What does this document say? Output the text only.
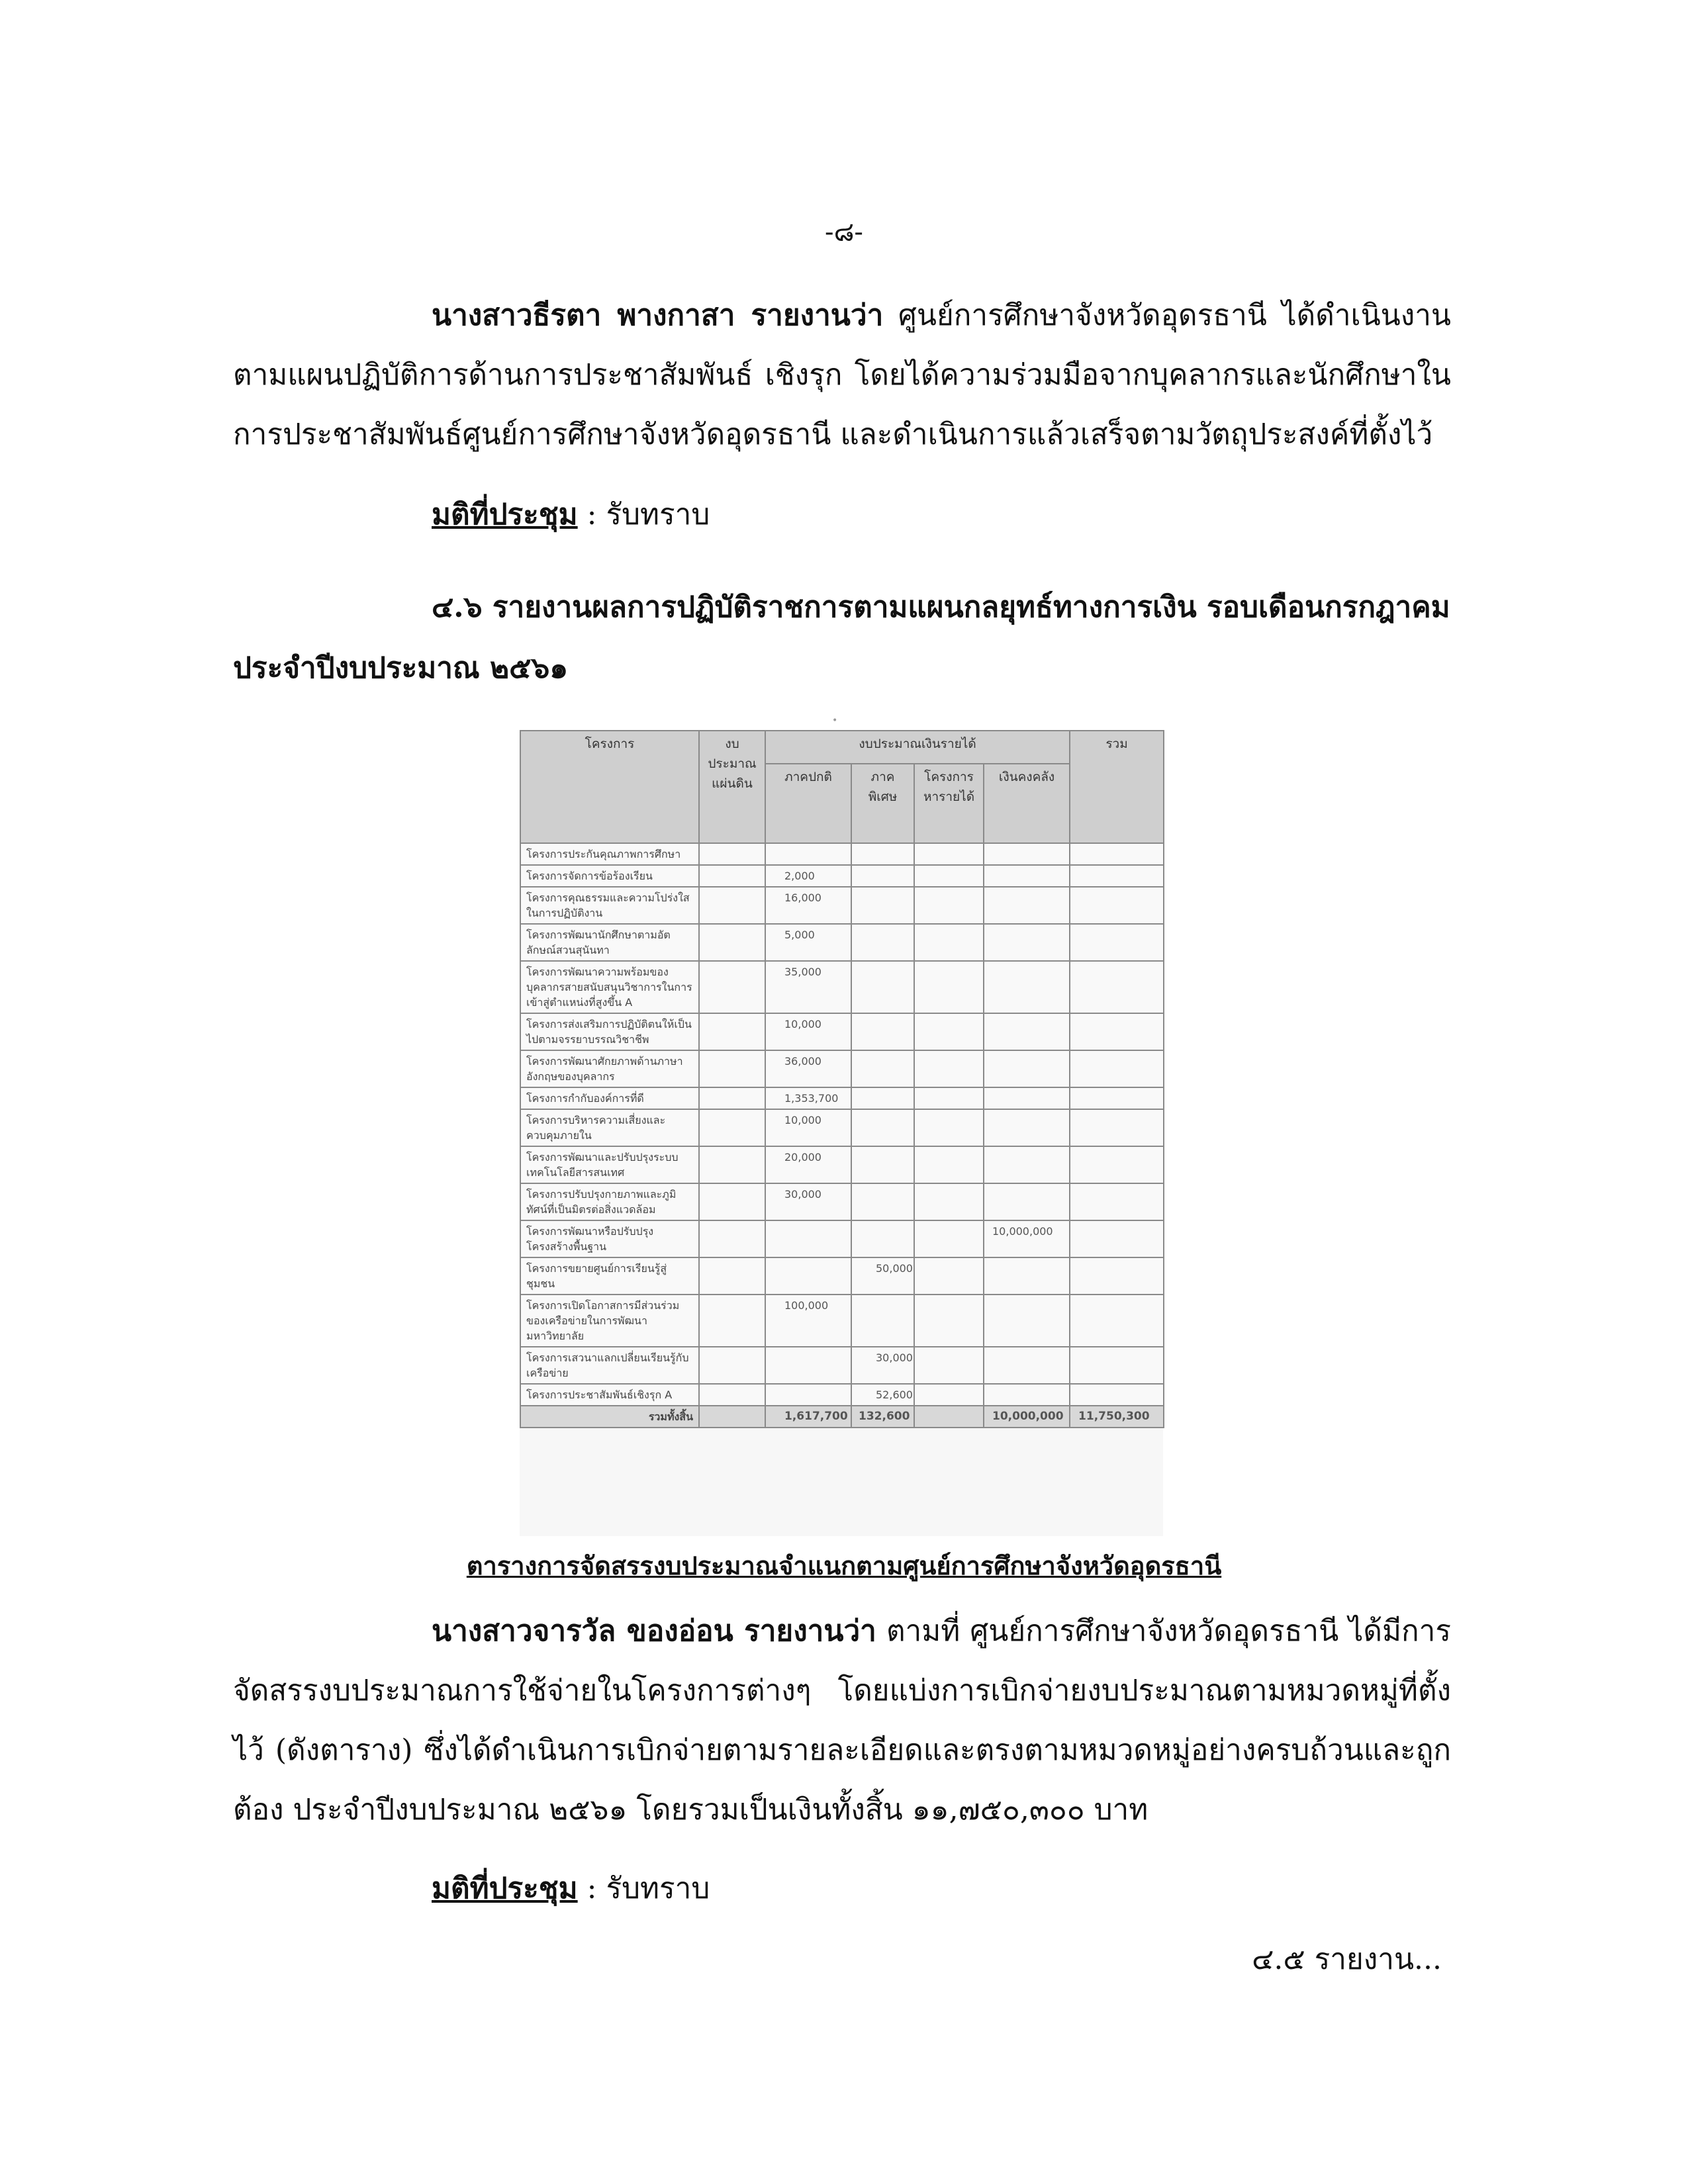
-๘-
นางสาวธีรตา พางกาสา รายงานว่า ศูนย์การศึกษาจังหวัดอุดรธานี ได้ดำเนินงานตามแผนปฏิบัติการด้านการประชาสัมพันธ์ เชิงรุก โดยได้ความร่วมมือจากบุคลากรและนักศึกษาในการประชาสัมพันธ์ศูนย์การศึกษาจังหวัดอุดรธานี และดำเนินการแล้วเสร็จตามวัตถุประสงค์ที่ตั้งไว้
มติที่ประชุม : รับทราบ
๔.๖ รายงานผลการปฏิบัติราชการตามแผนกลยุทธ์ทางการเงิน รอบเดือนกรกฎาคม ประจำปีงบประมาณ ๒๕๖๑
•
โครงการ	งบประมาณแผ่นดิน	งบประมาณเงินรายได้				รวม
		ภาคปกติ	ภาคพิเศษ	โครงการหารายได้	เงินคงคลัง	
โครงการประกันคุณภาพการศึกษา						
โครงการจัดการข้อร้องเรียน		2,000				
โครงการคุณธรรมและความโปร่งใสในการปฏิบัติงาน		16,000				
โครงการพัฒนานักศึกษาตามอัตลักษณ์สวนสุนันทา		5,000				
โครงการพัฒนาความพร้อมของบุคลากรสายสนับสนุนวิชาการในการเข้าสู่ตำแหน่งที่สูงขึ้น A		35,000				
โครงการส่งเสริมการปฏิบัติตนให้เป็นไปตามจรรยาบรรณวิชาชีพ		10,000				
โครงการพัฒนาศักยภาพด้านภาษาอังกฤษของบุคลากร		36,000				
โครงการกำกับองค์การที่ดี		1,353,700				
โครงการบริหารความเสี่ยงและควบคุมภายใน		10,000				
โครงการพัฒนาและปรับปรุงระบบเทคโนโลยีสารสนเทศ		20,000				
โครงการปรับปรุงกายภาพและภูมิทัศน์ที่เป็นมิตรต่อสิ่งแวดล้อม		30,000				
โครงการพัฒนาหรือปรับปรุงโครงสร้างพื้นฐาน					10,000,000	
โครงการขยายศูนย์การเรียนรู้สู่ชุมชน			50,000			
โครงการเปิดโอกาสการมีส่วนร่วมของเครือข่ายในการพัฒนามหาวิทยาลัย		100,000				
โครงการเสวนาแลกเปลี่ยนเรียนรู้กับเครือข่าย			30,000			
โครงการประชาสัมพันธ์เชิงรุก A			52,600			
รวมทั้งสิ้น		1,617,700	132,600		10,000,000	11,750,300
ตารางการจัดสรรงบประมาณจำแนกตามศูนย์การศึกษาจังหวัดอุดรธานี
นางสาวจารวัล ของอ่อน รายงานว่า ตามที่ ศูนย์การศึกษาจังหวัดอุดรธานี ได้มีการจัดสรรงบประมาณการใช้จ่ายในโครงการต่างๆ โดยแบ่งการเบิกจ่ายงบประมาณตามหมวดหมู่ที่ตั้งไว้ (ดังตาราง) ซึ่งได้ดำเนินการเบิกจ่ายตามรายละเอียดและตรงตามหมวดหมู่อย่างครบถ้วนและถูกต้อง ประจำปีงบประมาณ ๒๕๖๑ โดยรวมเป็นเงินทั้งสิ้น ๑๑,๗๕๐,๓๐๐ บาท
มติที่ประชุม : รับทราบ
๔.๕ รายงาน...
